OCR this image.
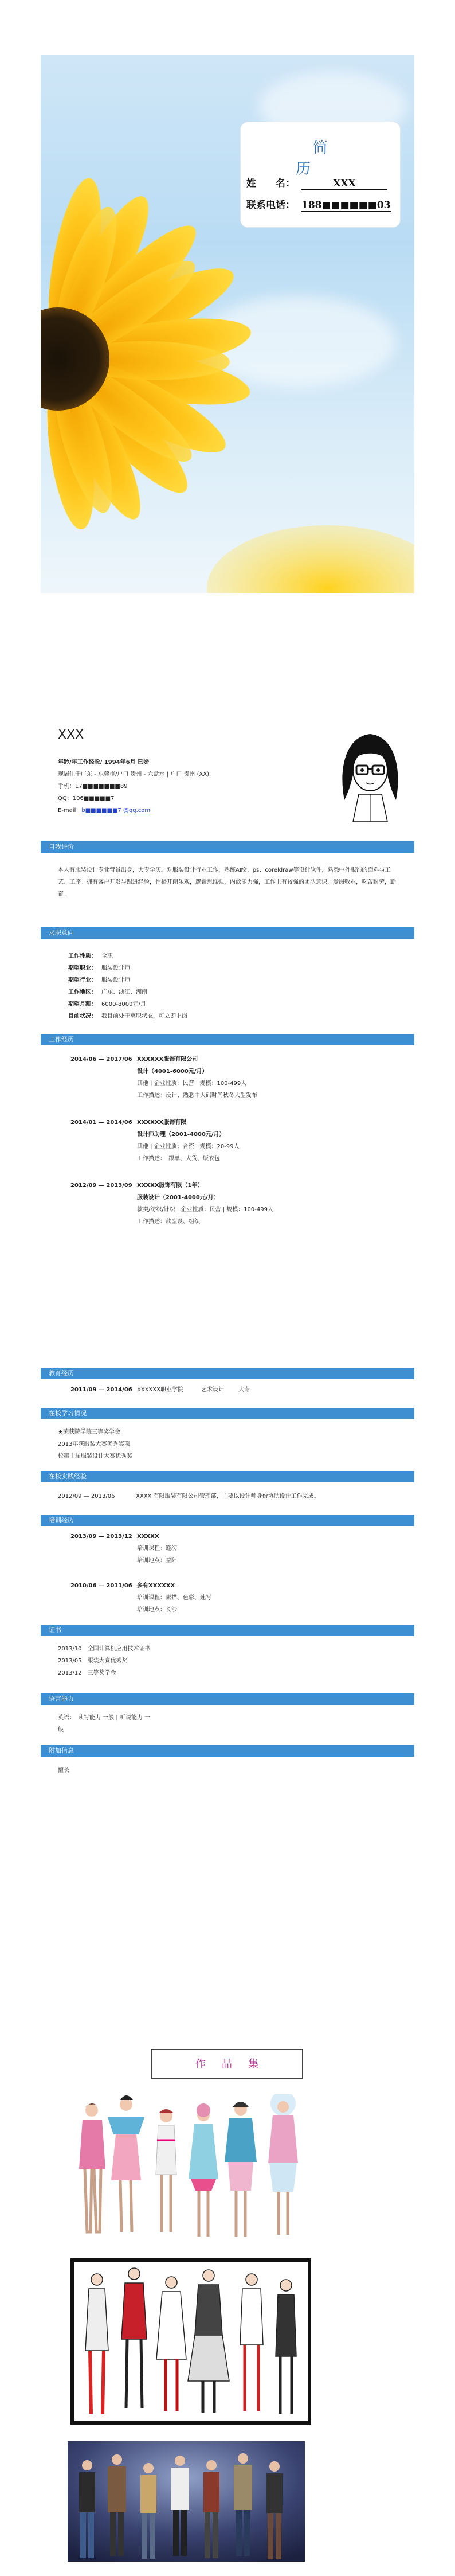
简　历
姓　　名：	XXX
联系电话： 188■■■■■■03
XXX
年龄/年工作经验/ 1994年6月 已婚
现居住于广东 - 东莞市/户口 贵州 - 六盘水 | 户口 贵州 (XX)
手机：17■■■■■■■89
QQ：106■■■■■7
E-mail：b■■■■■■7 @qq.com
自我评价
本人有服装设计专业背景出身，大专学历。对服装设计行业工作，熟练AI绘、ps、coreldraw等设计软件，熟悉中外服饰的面料与工艺、工序。拥有客户开发与跟进经验，性格开朗乐观，逻辑思维强，内敛能力强，工作上有较强的团队意识，爱岗敬业，吃苦耐劳，勤奋。
求职意向
工作经历
教育经历
2011/09 — 2014/06 XXXXXX职业学院	艺术设计	大专
在校学习情况
在校实践经验
2012/09 — 2013/06	XXXX 有限服装有限公司管理部，主要以设计师身份协助设计工作完成。
培训经历
证书
语言能力
英语：　读写能力 一般 | 听说能力 一
般
附加信息
擅长
工作性质： 全职
期望职业： 服装设计师
期望行业： 服装设计师
工作地区： 广东、浙江、湖南
期望月薪： 6000-8000元/月
目前状况： 我目前处于离职状态，可立即上岗
2014/06 — 2017/06 XXXXXX服饰有限公司
设计（4001-6000元/月）
其他 | 企业性质：民营 | 规模：100-499人
工作描述：设计、熟悉中大码时尚秋冬大型发布
2014/01 — 2014/06 XXXXXX服饰有限
设计师助理（2001-4000元/月）
其他 | 企业性质：合资 | 规模：20-99人
工作描述：　跟单、大货、版衣包
2012/09 — 2013/09 XXXXX服饰有限（1年）
服装设计（2001-4000元/月）
款类/纺织/针织 | 企业性质：民营 | 规模：100-499人
工作描述：款型设、组织
★荣获院学院三等奖学金
2013年获服装大赛优秀奖项
校第十届服装设计大赛优秀奖
2013/09 — 2013/12 XXXXX
培训课程：缝纫
培训地点：益阳
2010/06 — 2011/06 多有XXXXXX
培训课程：素描、色彩、速写
培训地点：长沙
2013/10　全国计算机应用技术证书
2013/05　服装大赛优秀奖
2013/12　三等奖学金
作品集
